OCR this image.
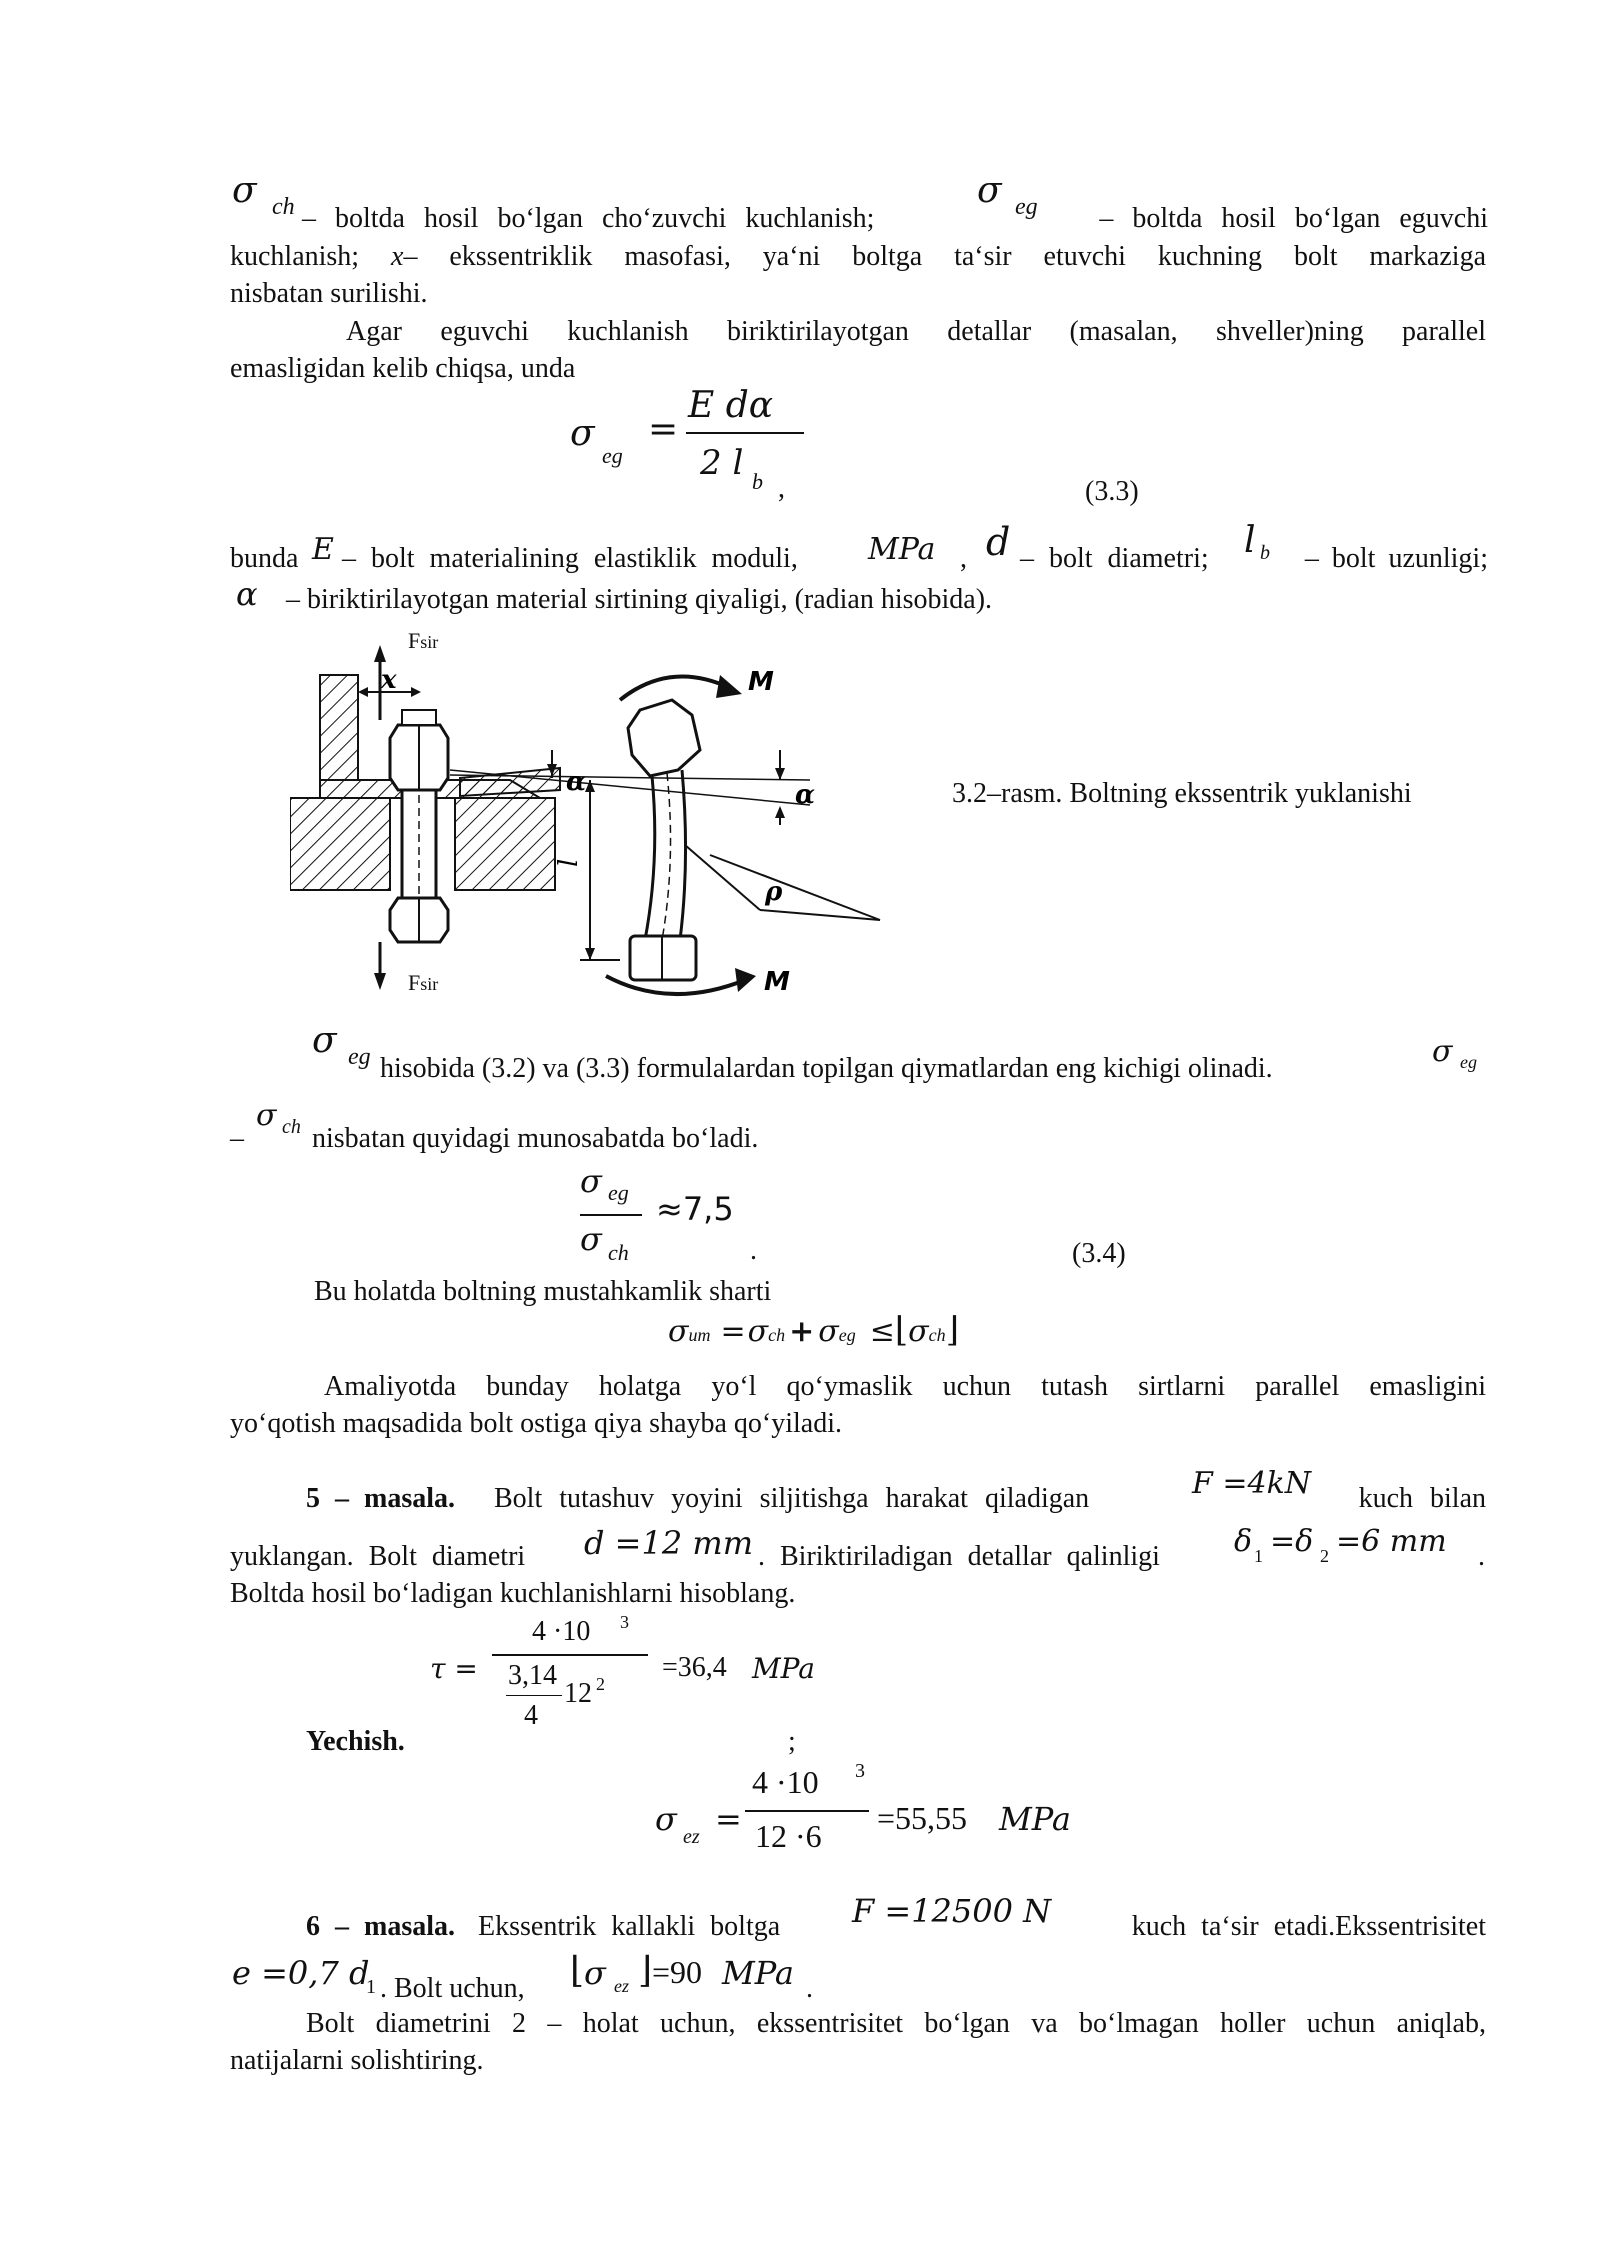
σ ch – boltda hosil bo‘lgan cho‘zuvchi kuchlanish;
σ eg	– boltda hosil bo‘lgan eguvchi
kuchlanish; x– ekssentriklik masofasi, ya‘ni boltga ta‘sir etuvchi kuchning bolt markaziga
nisbatan surilishi.
Agar eguvchi kuchlanish biriktirilayotgan detallar (masalan, shveller)ning parallel
emasligidan kelib chiqsa, unda
σ
eg
=
E dα
2 l b ,	(3.3)
bunda E – bolt materialining elastiklik moduli, MPa , d – bolt diametri; l b	– bolt uzunligi;
α – biriktirilayotgan material sirtining qiyaligi, (radian hisobida).
x
α
l
M
M
α
ρ
Fsir
Fsir
3.2–rasm. Boltning ekssentrik yuklanishi
σ eg hisobida (3.2) va (3.3) formulalardan topilgan qiymatlardan eng kichigi olinadi.	σ eg
–
σ ch nisbatan quyidagi munosabatda bo‘ladi.
σ eg
σ ch
≈7,5
.	(3.4)
Bu holatda boltning mustahkamlik sharti
σum =σch + σeg ≤⌊σch⌋
Amaliyotda bunday holatga yo‘l qo‘ymaslik uchun tutash sirtlarni parallel emasligini
yo‘qotish maqsadida bolt ostiga qiya shayba qo‘yiladi.
5 – masala. Bolt tutashuv yoyini siljitishga harakat qiladigan	F =4kN	kuch bilan
yuklangan. Bolt diametri d =12 mm . Biriktiriladigan detallar qalinligi δ 1 =δ 2 =6 mm .
Boltda hosil bo‘ladigan kuchlanishlarni hisoblang.
τ =
4 ·10 3
3,14
4
12 2
=36,4 MPa
Yechish.	;
σ ez =
4 ·10 3
12 ·6 =55,55 MPa
6 – masala. Ekssentrik kallakli boltga F =12500 N	kuch ta‘sir etadi.Ekssentrisitet
e =0,7 d
1 . Bolt uchun, ⌊ σ ez ⌋ =90 MPa .
Bolt diametrini 2 – holat uchun, ekssentrisitet bo‘lgan va bo‘lmagan holler uchun aniqlab,
natijalarni solishtiring.
